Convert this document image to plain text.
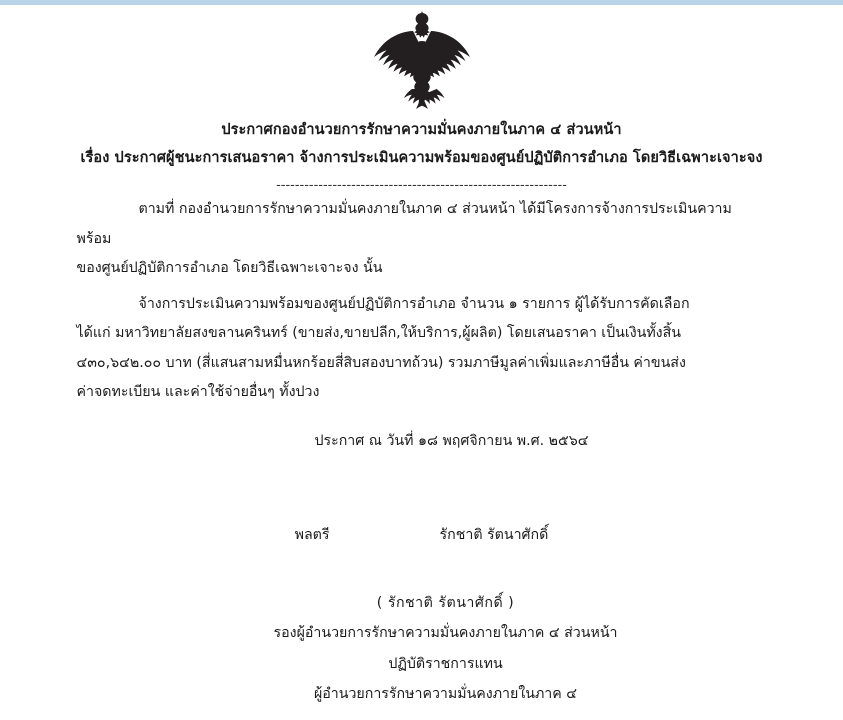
ประกาศกองอำนวยการรักษาความมั่นคงภายในภาค ๔ ส่วนหน้า
เรื่อง ประกาศผู้ชนะการเสนอราคา จ้างการประเมินความพร้อมของศูนย์ปฏิบัติการอำเภอ โดยวิธีเฉพาะเจาะจง
--------------------------------------------------------------

ตามที่ กองอำนวยการรักษาความมั่นคงภายในภาค ๔ ส่วนหน้า ได้มีโครงการจ้างการประเมินความพร้อม
ของศูนย์ปฏิบัติการอำเภอ โดยวิธีเฉพาะเจาะจง นั้น

จ้างการประเมินความพร้อมของศูนย์ปฏิบัติการอำเภอ จำนวน ๑ รายการ ผู้ได้รับการคัดเลือก
ได้แก่ มหาวิทยาลัยสงขลานครินทร์ (ขายส่ง,ขายปลีก,ให้บริการ,ผู้ผลิต) โดยเสนอราคา เป็นเงินทั้งสิ้น
๔๓๐,๖๔๒.๐๐ บาท (สี่แสนสามหมื่นหกร้อยสี่สิบสองบาทถ้วน) รวมภาษีมูลค่าเพิ่มและภาษีอื่น ค่าขนส่ง
ค่าจดทะเบียน และค่าใช้จ่ายอื่นๆ ทั้งปวง

ประกาศ ณ วันที่ ๑๘ พฤศจิกายน พ.ศ. ๒๕๖๔
พลตรี	รักชาติ รัตนาศักดิ์
( รักชาติ รัตนาศักดิ์ )
รองผู้อำนวยการรักษาความมั่นคงภายในภาค ๔ ส่วนหน้า
ปฏิบัติราชการแทน
ผู้อำนวยการรักษาความมั่นคงภายในภาค ๔
